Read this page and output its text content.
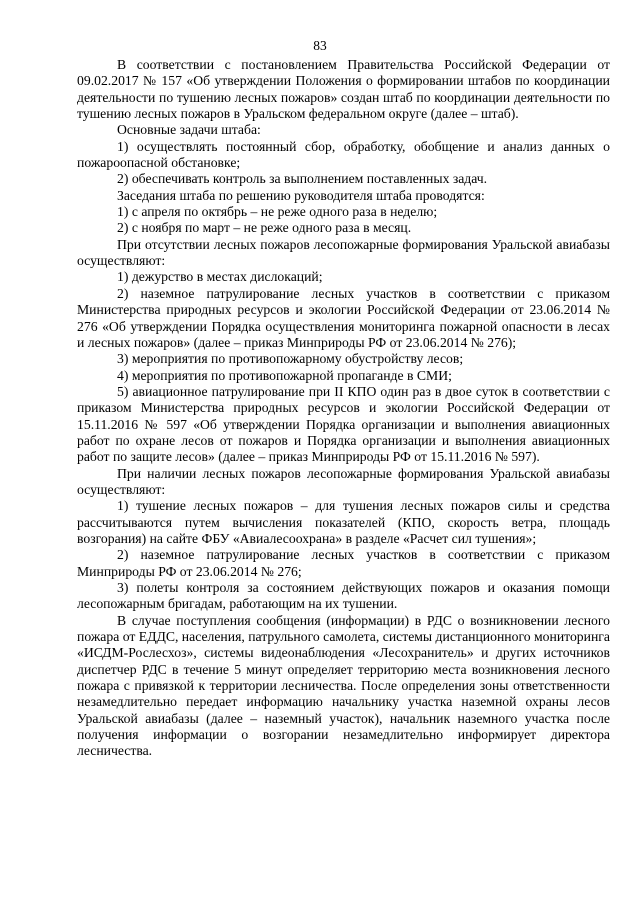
83

В соответствии с постановлением Правительства Российской Федерации от 09.02.2017 № 157 «Об утверждении Положения о формировании штабов по координации деятельности по тушению лесных пожаров» создан штаб по координации деятельности по тушению лесных пожаров в Уральском федеральном округе (далее – штаб).

Основные задачи штаба:

1) осуществлять постоянный сбор, обработку, обобщение и анализ данных о пожароопасной обстановке;

2) обеспечивать контроль за выполнением поставленных задач.

Заседания штаба по решению руководителя штаба проводятся:

1) с апреля по октябрь – не реже одного раза в неделю;

2) с ноября по март – не реже одного раза в месяц.

При отсутствии лесных пожаров лесопожарные формирования Уральской авиабазы осуществляют:

1) дежурство в местах дислокаций;

2) наземное патрулирование лесных участков в соответствии с приказом Министерства природных ресурсов и экологии Российской Федерации от 23.06.2014 № 276 «Об утверждении Порядка осуществления мониторинга пожарной опасности в лесах и лесных пожаров» (далее – приказ Минприроды РФ от 23.06.2014 № 276);

3) мероприятия по противопожарному обустройству лесов;

4) мероприятия по противопожарной пропаганде в СМИ;

5) авиационное патрулирование при II КПО один раз в двое суток в соответствии с приказом Министерства природных ресурсов и экологии Российской Федерации от 15.11.2016 № 597 «Об утверждении Порядка организации и выполнения авиационных работ по охране лесов от пожаров и Порядка организации и выполнения авиационных работ по защите лесов» (далее – приказ Минприроды РФ от 15.11.2016 № 597).

При наличии лесных пожаров лесопожарные формирования Уральской авиабазы осуществляют:

1) тушение лесных пожаров – для тушения лесных пожаров силы и средства рассчитываются путем вычисления показателей (КПО, скорость ветра, площадь возгорания) на сайте ФБУ «Авиалесоохрана» в разделе «Расчет сил тушения»;

2) наземное патрулирование лесных участков в соответствии с приказом Минприроды РФ от 23.06.2014 № 276;

3) полеты контроля за состоянием действующих пожаров и оказания помощи лесопожарным бригадам, работающим на их тушении.

В случае поступления сообщения (информации) в РДС о возникновении лесного пожара от ЕДДС, населения, патрульного самолета, системы дистанционного мониторинга «ИСДМ-Рослесхоз», системы видеонаблюдения «Лесохранитель» и других источников диспетчер РДС в течение 5 минут определяет территорию места возникновения лесного пожара с привязкой к территории лесничества. После определения зоны ответственности незамедлительно передает информацию начальнику участка наземной охраны лесов Уральской авиабазы (далее – наземный участок), начальник наземного участка после получения информации о возгорании незамедлительно информирует директора лесничества.
